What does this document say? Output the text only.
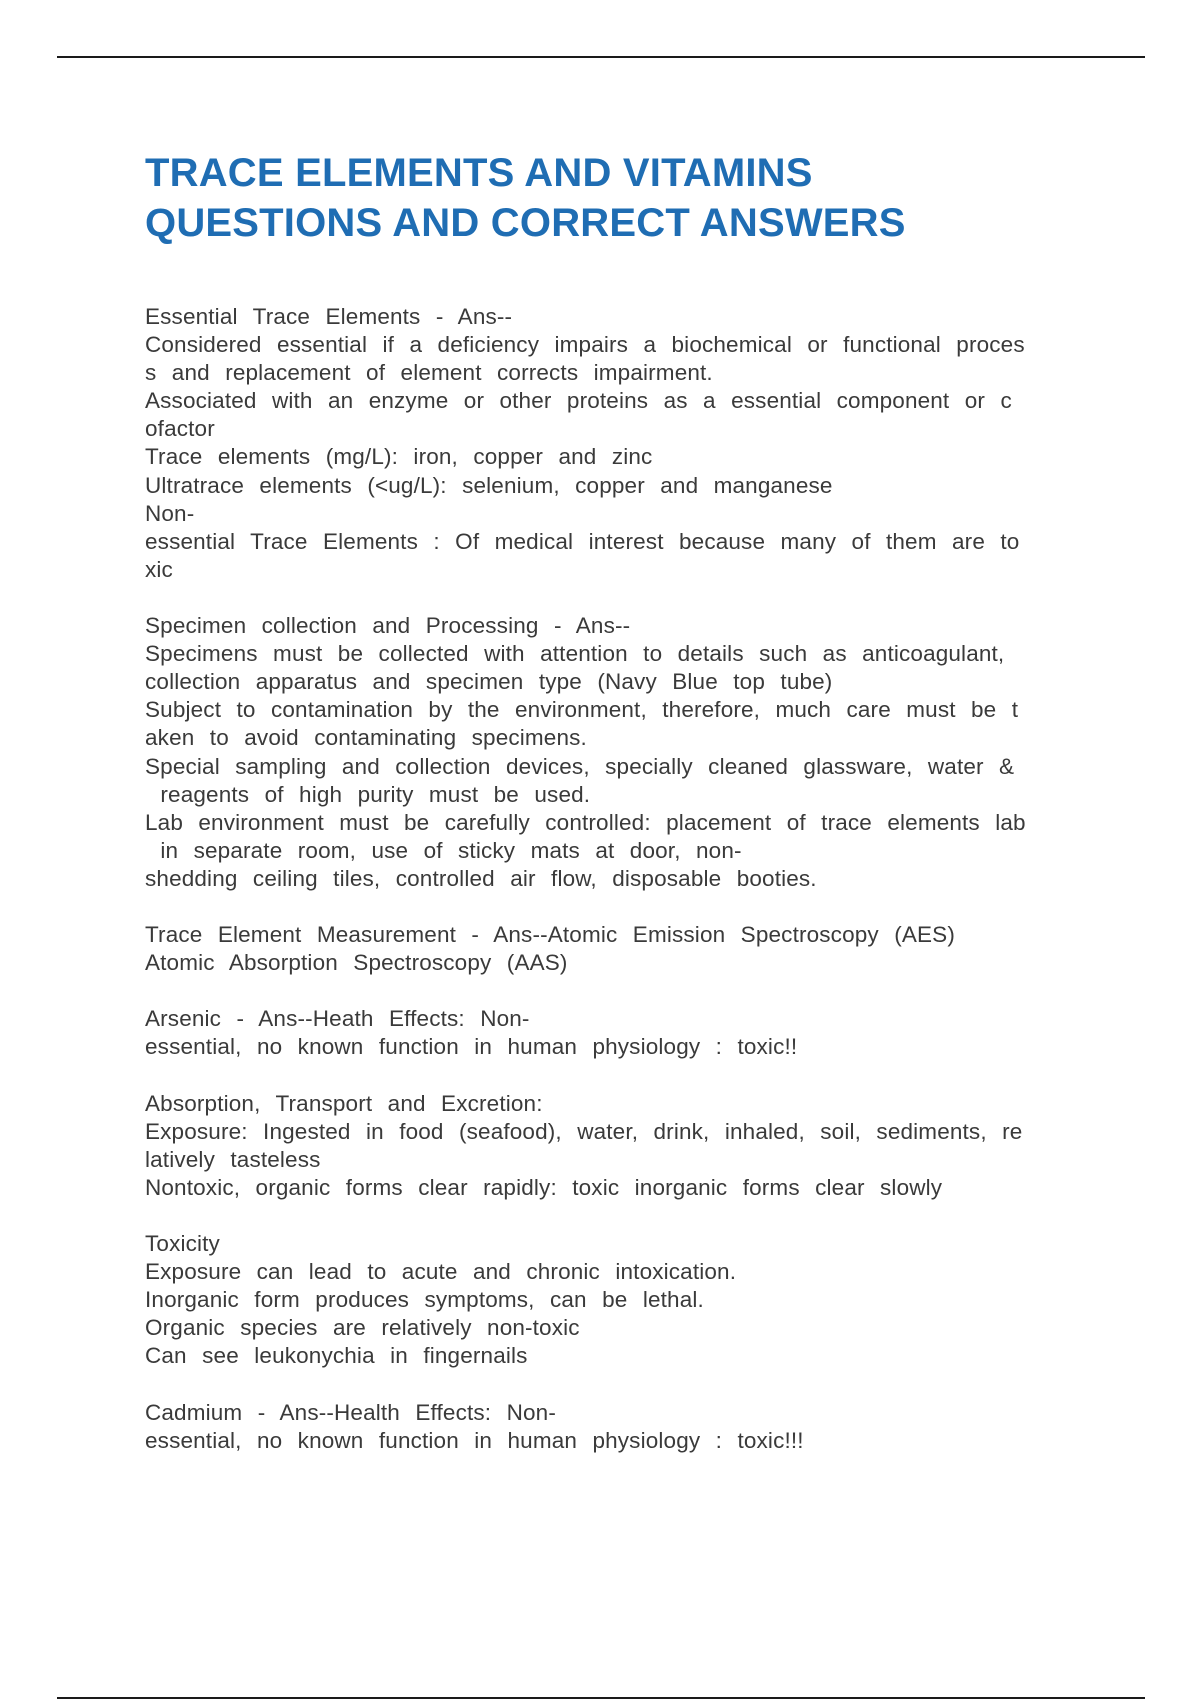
TRACE ELEMENTS AND VITAMINS
QUESTIONS AND CORRECT ANSWERS
Essential Trace Elements - Ans--
Considered essential if a deficiency impairs a biochemical or functional proces
s and replacement of element corrects impairment.
Associated with an enzyme or other proteins as a essential component or c
ofactor
Trace elements (mg/L): iron, copper and zinc
Ultratrace elements (<ug/L): selenium, copper and manganese
Non-
essential Trace Elements : Of medical interest because many of them are to
xic
Specimen collection and Processing - Ans--
Specimens must be collected with attention to details such as anticoagulant,
collection apparatus and specimen type (Navy Blue top tube)
Subject to contamination by the environment, therefore, much care must be t
aken to avoid contaminating specimens.
Special sampling and collection devices, specially cleaned glassware, water &
reagents of high purity must be used.
Lab environment must be carefully controlled: placement of trace elements lab
in separate room, use of sticky mats at door, non-
shedding ceiling tiles, controlled air flow, disposable booties.
Trace Element Measurement - Ans--Atomic Emission Spectroscopy (AES)
Atomic Absorption Spectroscopy (AAS)
Arsenic - Ans--Heath Effects: Non-
essential, no known function in human physiology : toxic!!
Absorption, Transport and Excretion:
Exposure: Ingested in food (seafood), water, drink, inhaled, soil, sediments, re
latively tasteless
Nontoxic, organic forms clear rapidly: toxic inorganic forms clear slowly
Toxicity
Exposure can lead to acute and chronic intoxication.
Inorganic form produces symptoms, can be lethal.
Organic species are relatively non-toxic
Can see leukonychia in fingernails
Cadmium - Ans--Health Effects: Non-
essential, no known function in human physiology : toxic!!!
